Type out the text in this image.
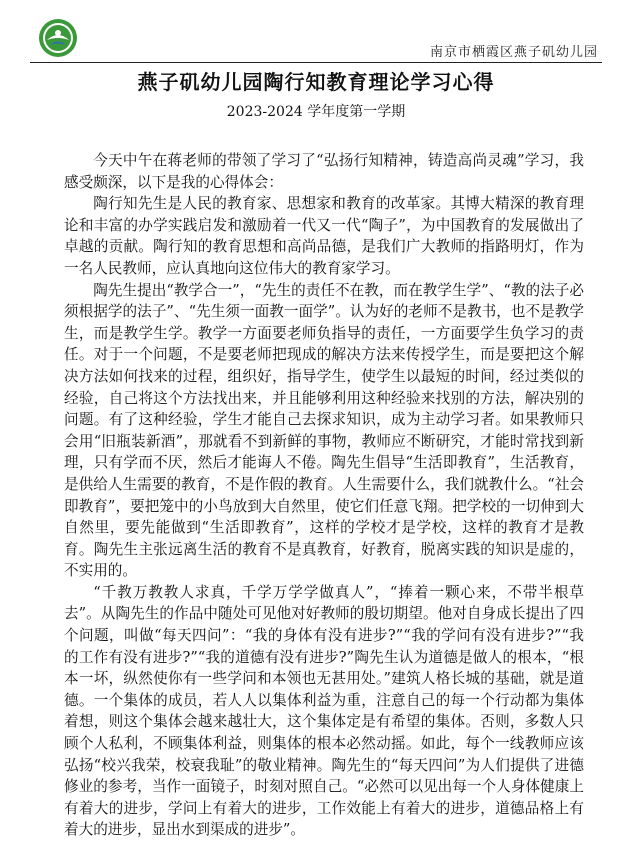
南京市栖霞区燕子矶幼儿园
燕子矶幼儿园陶行知教育理论学习心得
2023-2024 学年度第一学期

今天中午在蒋老师的带领了学习了“弘扬行知精神，铸造高尚灵魂”学习，我感受颇深，以下是我的心得体会：

陶行知先生是人民的教育家、思想家和教育的改革家。其博大精深的教育理论和丰富的办学实践启发和激励着一代又一代“陶子”，为中国教育的发展做出了卓越的贡献。陶行知的教育思想和高尚品德，是我们广大教师的指路明灯，作为一名人民教师，应认真地向这位伟大的教育家学习。

陶先生提出“教学合一”，“先生的责任不在教，而在教学生学”、“教的法子必须根据学的法子”、“先生须一面教一面学”。认为好的老师不是教书，也不是教学生，而是教学生学。教学一方面要老师负指导的责任，一方面要学生负学习的责任。对于一个问题，不是要老师把现成的解决方法来传授学生，而是要把这个解决方法如何找来的过程，组织好，指导学生，使学生以最短的时间，经过类似的经验，自己将这个方法找出来，并且能够利用这种经验来找别的方法，解决别的问题。有了这种经验，学生才能自己去探求知识，成为主动学习者。如果教师只会用“旧瓶装新酒”，那就看不到新鲜的事物，教师应不断研究，才能时常找到新理，只有学而不厌，然后才能诲人不倦。陶先生倡导“生活即教育”，生活教育，是供给人生需要的教育，不是作假的教育。人生需要什么，我们就教什么。“社会即教育”，要把笼中的小鸟放到大自然里，使它们任意飞翔。把学校的一切伸到大自然里，要先能做到“生活即教育”，这样的学校才是学校，这样的教育才是教育。陶先生主张远离生活的教育不是真教育，好教育，脱离实践的知识是虚的，不实用的。

“千教万教教人求真，千学万学学做真人”，“捧着一颗心来，不带半根草去”。从陶先生的作品中随处可见他对好教师的殷切期望。他对自身成长提出了四个问题，叫做“每天四问”：“我的身体有没有进步?”“我的学问有没有进步?”“我的工作有没有进步?”“我的道德有没有进步?”陶先生认为道德是做人的根本，“根本一坏，纵然使你有一些学问和本领也无甚用处。”建筑人格长城的基础，就是道德。一个集体的成员，若人人以集体利益为重，注意自己的每一个行动都为集体着想，则这个集体会越来越壮大，这个集体定是有希望的集体。否则，多数人只顾个人私利，不顾集体利益，则集体的根本必然动摇。如此，每个一线教师应该弘扬“校兴我荣，校衰我耻”的敬业精神。陶先生的“每天四问”为人们提供了进德修业的参考，当作一面镜子，时刻对照自己。“必然可以见出每一个人身体健康上有着大的进步，学问上有着大的进步，工作效能上有着大的进步，道德品格上有着大的进步，显出水到渠成的进步”。
